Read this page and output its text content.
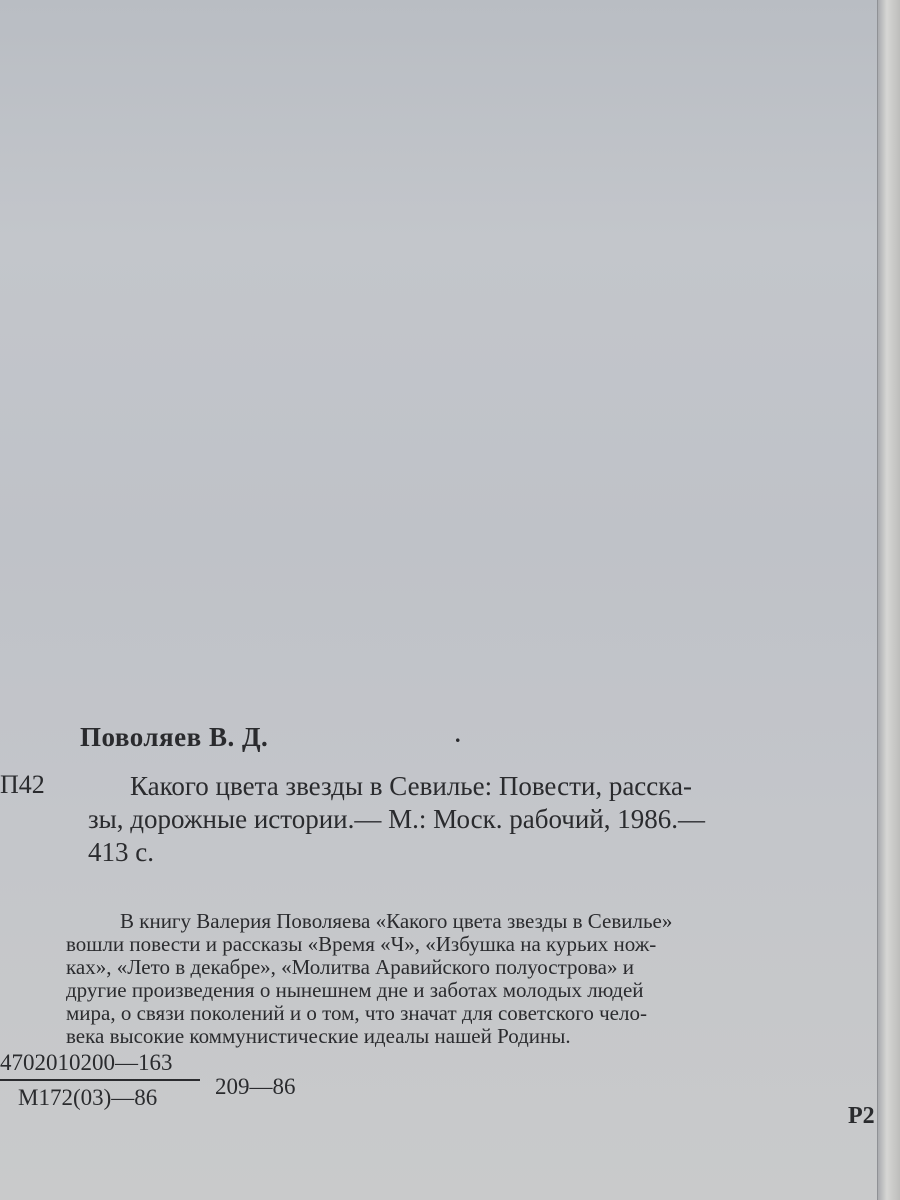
Поволяев В. Д.	.
П42	Какого цвета звезды в Севилье: Повести, расска-
зы, дорожные истории.— М.: Моск. рабочий, 1986.—
413 с.
В книгу Валерия Поволяева «Какого цвета звезды в Севилье»
вошли повести и рассказы «Время «Ч», «Избушка на курьих нож-
ках», «Лето в декабре», «Молитва Аравийского полуострова» и
другие произведения о нынешнем дне и заботах молодых людей
мира, о связи поколений и о том, что значат для советского чело-
века высокие коммунистические идеалы нашей Родины.
4702010200—163
М172(03)—86	209—86
Р2
